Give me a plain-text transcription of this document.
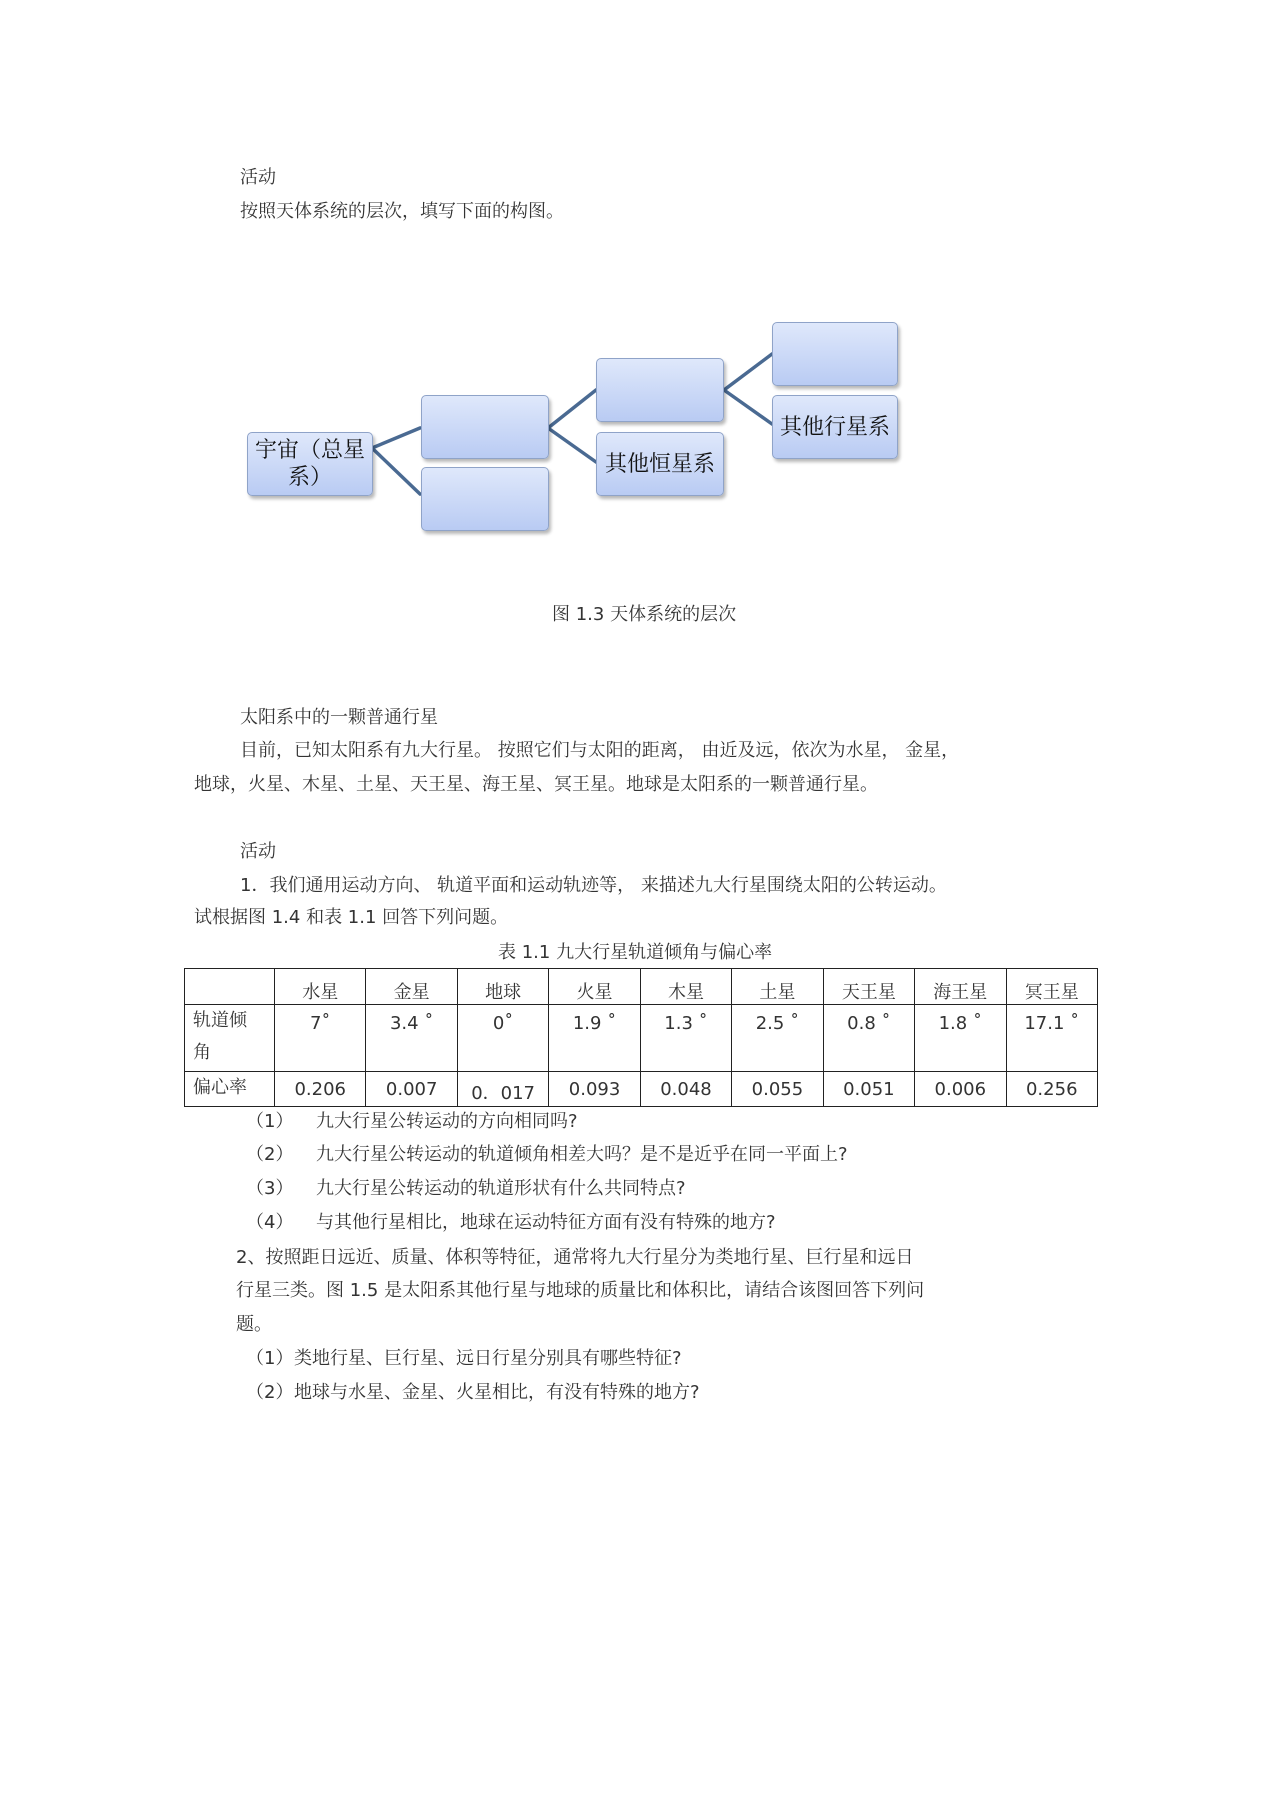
活动
按照天体系统的层次，填写下面的构图。
宇宙（总星系）
其他恒星系
其他行星系
图 1.3 天体系统的层次
太阳系中的一颗普通行星
目前，已知太阳系有九大行星。 按照它们与太阳的距离， 由近及远，依次为水星， 金星，
地球，火星、木星、土星、天王星、海王星、冥王星。地球是太阳系的一颗普通行星。
活动
1．我们通用运动方向、 轨道平面和运动轨迹等， 来描述九大行星围绕太阳的公转运动。
试根据图 1.4 和表 1.1 回答下列问题。
表 1.1 九大行星轨道倾角与偏心率

	水星	金星	地球	火星	木星	土星	天王星	海王星	冥王星

轨道倾角	7˚	3.4 ˚	0˚	1.9 ˚	1.3 ˚	2.5 ˚	0.8 ˚	1.8 ˚	17.1 ˚

偏心率	0.206	0.007	0．017	0.093	0.048	0.055	0.051	0.006	0.256
（1） 九大行星公转运动的方向相同吗?
（2） 九大行星公转运动的轨道倾角相差大吗？是不是近乎在同一平面上?
（3） 九大行星公转运动的轨道形状有什么共同特点?
（4） 与其他行星相比，地球在运动特征方面有没有特殊的地方?
2、按照距日远近、质量、体积等特征，通常将九大行星分为类地行星、巨行星和远日
行星三类。图 1.5 是太阳系其他行星与地球的质量比和体积比，请结合该图回答下列问
题。
（1） 类地行星、巨行星、远日行星分别具有哪些特征?
（2） 地球与水星、金星、火星相比，有没有特殊的地方?
